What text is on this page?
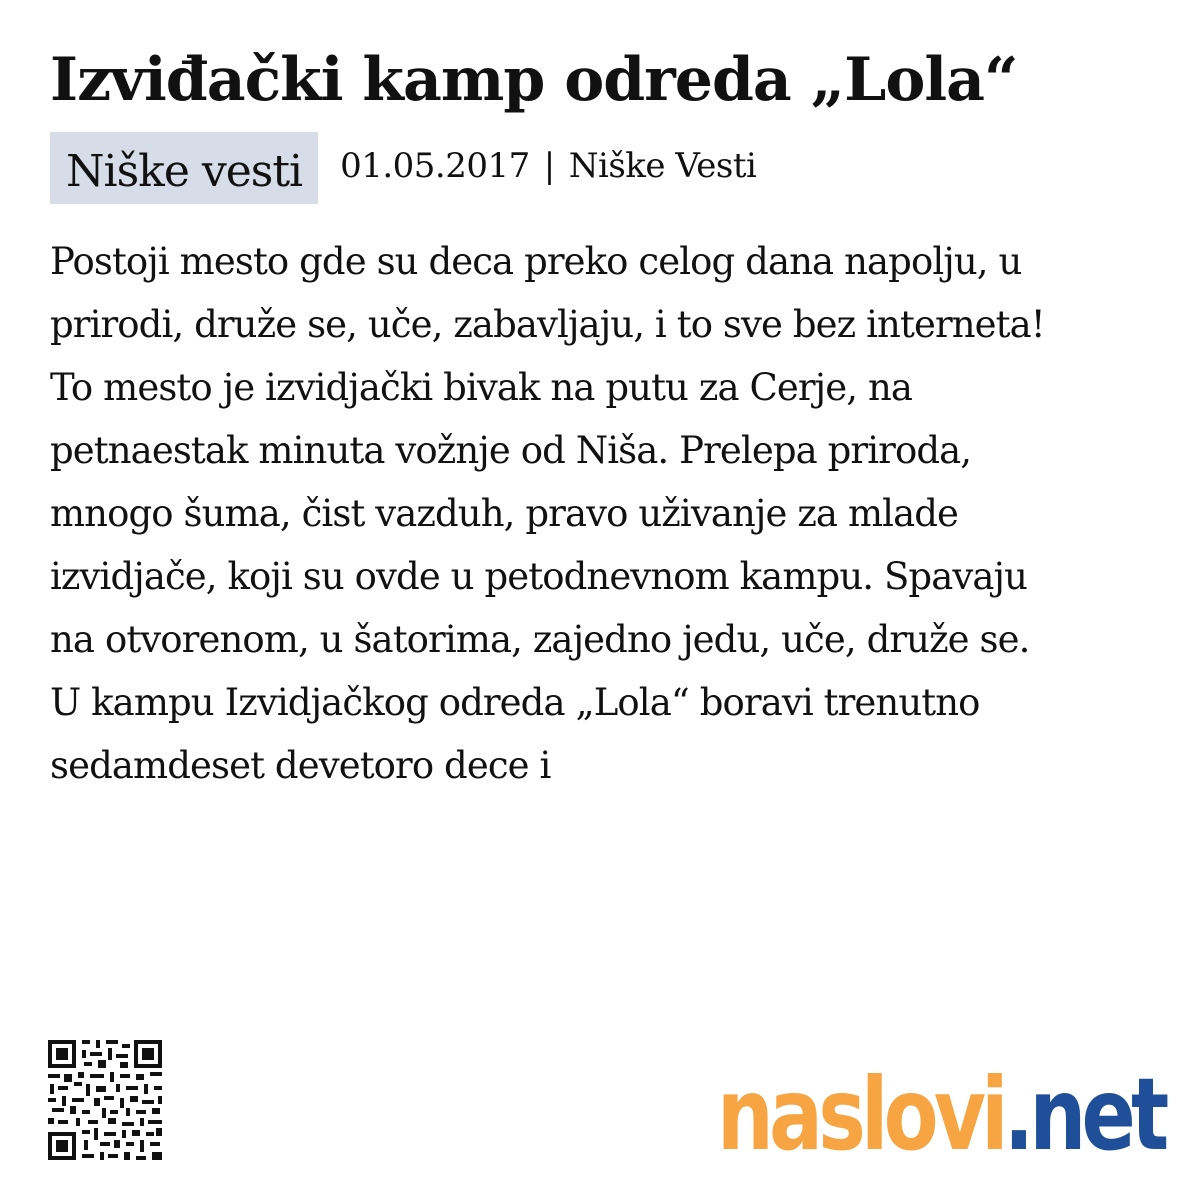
Izviđački kamp odreda „Lola“
Niške vesti	01.05.2017 | Niške Vesti
Postoji mesto gde su deca preko celog dana napolju, u
prirodi, druže se, uče, zabavljaju, i to sve bez interneta!
To mesto je izvidjački bivak na putu za Cerje, na
petnaestak minuta vožnje od Niša. Prelepa priroda,
mnogo šuma, čist vazduh, pravo uživanje za mlade
izvidjače, koji su ovde u petodnevnom kampu. Spavaju
na otvorenom, u šatorima, zajedno jedu, uče, druže se.
U kampu Izvidjačkog odreda „Lola“ boravi trenutno
sedamdeset devetoro dece i
naslovi.net
